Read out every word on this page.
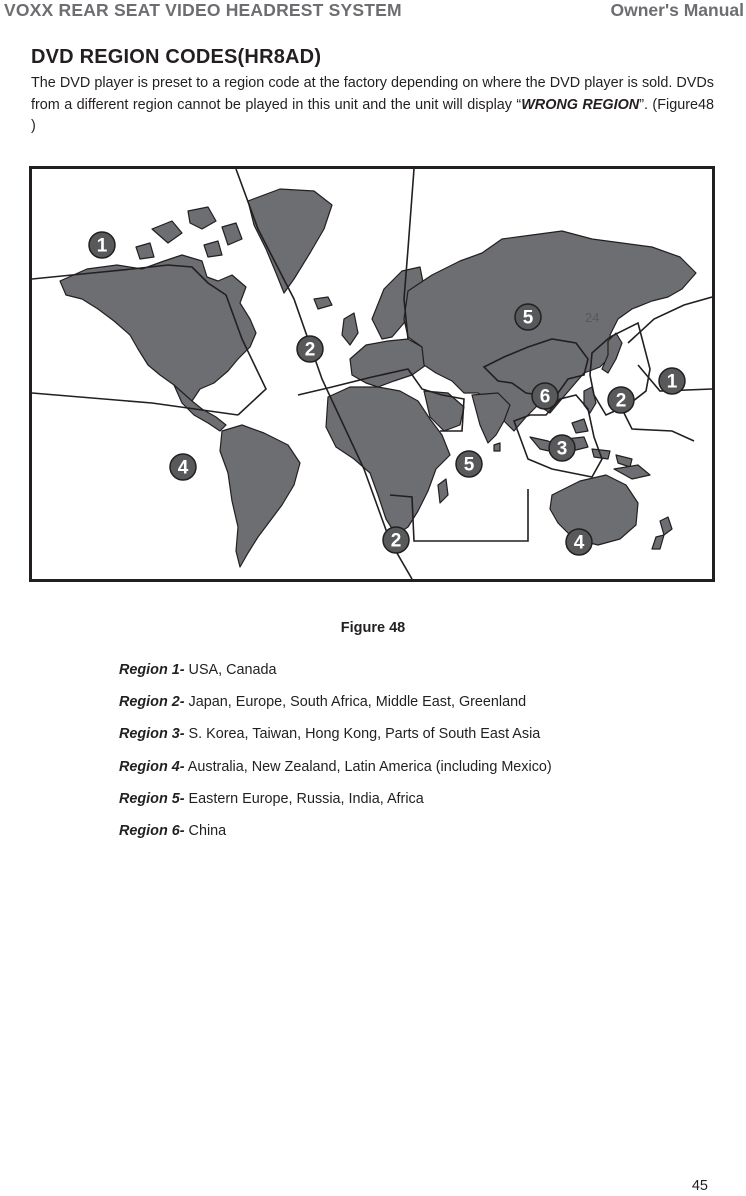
VOXX REAR SEAT VIDEO HEADREST SYSTEM	Owner's Manual
DVD REGION CODES(HR8AD)

The DVD player is preset to a region code at the factory depending on where the DVD player is sold. DVDs from a different region cannot be played in this unit and the unit will display “WRONG REGION”. (Figure48 )

1
2
5
6	2
1
4	5
3
2	4
24
Figure 48
Region 1- USA, Canada
Region 2- Japan, Europe, South Africa, Middle East, Greenland
Region 3- S. Korea, Taiwan, Hong Kong, Parts of South East Asia
Region 4- Australia, New Zealand, Latin America (including Mexico)
Region 5- Eastern Europe, Russia, India, Africa
Region 6- China
45
